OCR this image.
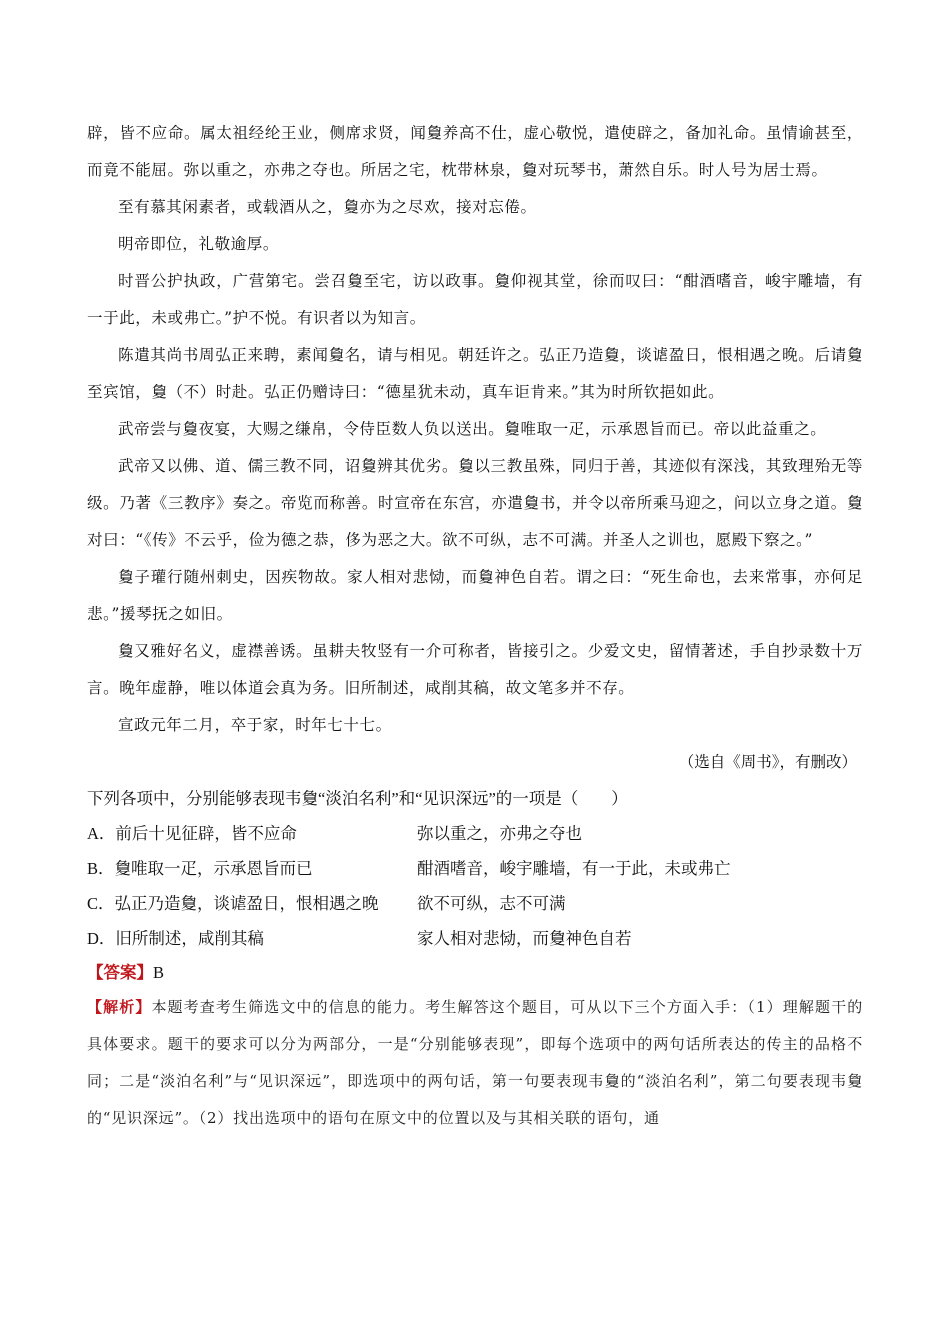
辟，皆不应命。属太祖经纶王业，侧席求贤，闻敻养高不仕，虚心敬悦，遣使辟之，备加礼命。虽情谕甚至，而竟不能屈。弥以重之，亦弗之夺也。所居之宅，枕带林泉，敻对玩琴书，萧然自乐。时人号为居士焉。

至有慕其闲素者，或载酒从之，敻亦为之尽欢，接对忘倦。

明帝即位，礼敬逾厚。

时晋公护执政，广营第宅。尝召敻至宅，访以政事。敻仰视其堂，徐而叹曰：“酣酒嗜音，峻宇雕墙，有一于此，未或弗亡。”护不悦。有识者以为知言。

陈遣其尚书周弘正来聘，素闻敻名，请与相见。朝廷许之。弘正乃造敻，谈谑盈日，恨相遇之晚。后请敻至宾馆，敻（不）时赴。弘正仍赠诗曰：“德星犹未动，真车讵肯来。”其为时所钦挹如此。

武帝尝与敻夜宴，大赐之缣帛，令侍臣数人负以送出。敻唯取一疋，示承恩旨而已。帝以此益重之。

武帝又以佛、道、儒三教不同，诏敻辨其优劣。敻以三教虽殊，同归于善，其迹似有深浅，其致理殆无等级。乃著《三教序》奏之。帝览而称善。时宣帝在东宫，亦遣敻书，并令以帝所乘马迎之，问以立身之道。敻对曰：“《传》不云乎，俭为德之恭，侈为恶之大。欲不可纵，志不可满。并圣人之训也，愿殿下察之。”

敻子瓘行随州刺史，因疾物故。家人相对悲恸，而敻神色自若。谓之曰：“死生命也，去来常事，亦何足悲。”援琴抚之如旧。

敻又雅好名义，虚襟善诱。虽耕夫牧竖有一介可称者，皆接引之。少爱文史，留情著述，手自抄录数十万言。晚年虚静，唯以体道会真为务。旧所制述，咸削其稿，故文笔多并不存。

宣政元年二月，卒于家，时年七十七。

（选自《周书》，有删改）

下列各项中，分别能够表现韦敻“淡泊名利”和“见识深远”的一项是（　　）

A．前后十见征辟，皆不应命	弥以重之，亦弗之夺也
B．敻唯取一疋，示承恩旨而已	酣酒嗜音，峻宇雕墙，有一于此，未或弗亡
C．弘正乃造敻，谈谑盈日，恨相遇之晚	欲不可纵，志不可满
D．旧所制述，咸削其稿	家人相对悲恸，而敻神色自若

【答案】B

【解析】本题考查考生筛选文中的信息的能力。考生解答这个题目，可从以下三个方面入手：（1）理解题干的具体要求。题干的要求可以分为两部分，一是“分别能够表现”，即每个选项中的两句话所表达的传主的品格不同；二是“淡泊名利”与“见识深远”，即选项中的两句话，第一句要表现韦敻的“淡泊名利”，第二句要表现韦敻的“见识深远”。（2）找出选项中的语句在原文中的位置以及与其相关联的语句，通
